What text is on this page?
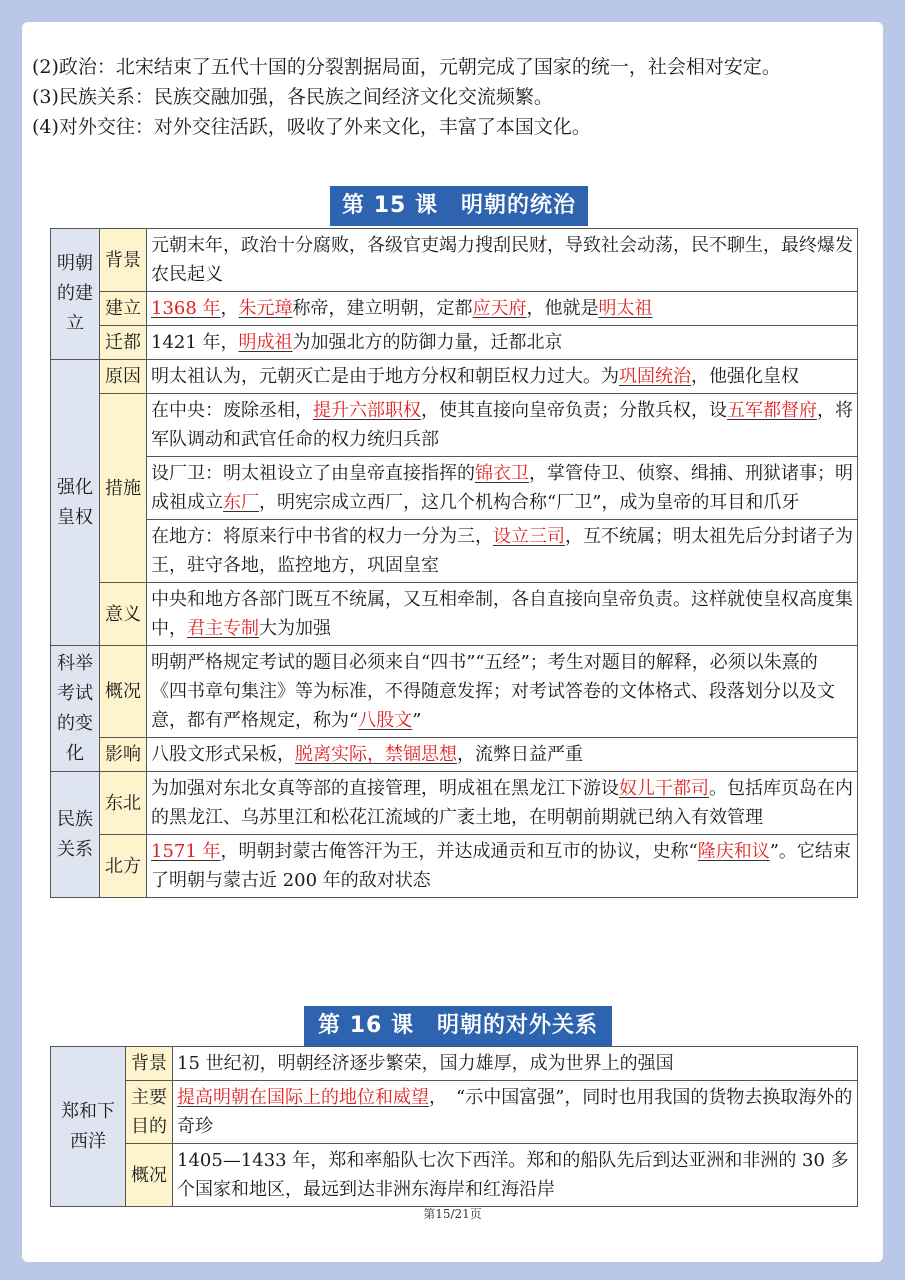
(2)政治：北宋结束了五代十国的分裂割据局面，元朝完成了国家的统一，社会相对安定。

(3)民族关系：民族交融加强，各民族之间经济文化交流频繁。

(4)对外交往：对外交往活跃，吸收了外来文化，丰富了本国文化。

第 15 课　明朝的统治
明朝的建立	背景	元朝末年，政治十分腐败，各级官吏竭力搜刮民财，导致社会动荡，民不聊生，最终爆发农民起义
	建立	1368 年，朱元璋称帝，建立明朝，定都应天府，他就是明太祖
	迁都	1421 年，明成祖为加强北方的防御力量，迁都北京
强化皇权	原因	明太祖认为，元朝灭亡是由于地方分权和朝臣权力过大。为巩固统治，他强化皇权
	措施	在中央：废除丞相，提升六部职权，使其直接向皇帝负责；分散兵权，设五军都督府，将军队调动和武官任命的权力统归兵部
		设厂卫：明太祖设立了由皇帝直接指挥的锦衣卫，掌管侍卫、侦察、缉捕、刑狱诸事；明成祖成立东厂，明宪宗成立西厂，这几个机构合称“厂卫”，成为皇帝的耳目和爪牙
		在地方：将原来行中书省的权力一分为三，设立三司，互不统属；明太祖先后分封诸子为王，驻守各地，监控地方，巩固皇室
	意义	中央和地方各部门既互不统属，又互相牵制，各自直接向皇帝负责。这样就使皇权高度集中，君主专制大为加强
科举考试的变化	概况	明朝严格规定考试的题目必须来自“四书”“五经”；考生对题目的解释，必须以朱熹的《四书章句集注》等为标准，不得随意发挥；对考试答卷的文体格式、段落划分以及文意，都有严格规定，称为“八股文”
	影响	八股文形式呆板，脱离实际，禁锢思想，流弊日益严重
民族关系	东北	为加强对东北女真等部的直接管理，明成祖在黑龙江下游设奴儿干都司。包括库页岛在内的黑龙江、乌苏里江和松花江流域的广袤土地，在明朝前期就已纳入有效管理
	北方	1571 年，明朝封蒙古俺答汗为王，并达成通贡和互市的协议，史称“隆庆和议”。它结束了明朝与蒙古近 200 年的敌对状态
第 16 课　明朝的对外关系
郑和下西洋	背景	15 世纪初，明朝经济逐步繁荣，国力雄厚，成为世界上的强国
	主要目的	提高明朝在国际上的地位和威望，　“示中国富强”，同时也用我国的货物去换取海外的奇珍
	概况	1405—1433 年，郑和率船队七次下西洋。郑和的船队先后到达亚洲和非洲的 30 多个国家和地区，最远到达非洲东海岸和红海沿岸
第15/21页
